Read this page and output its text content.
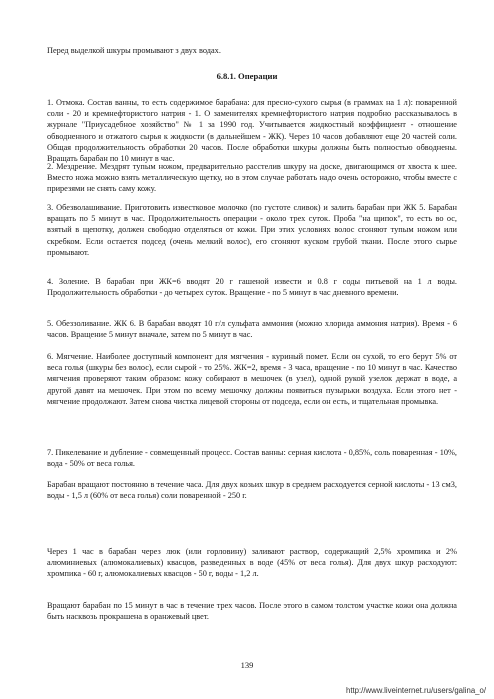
Перед выделкой шкуры промывают з двух водах.
6.8.1. Операции
1. Отмока. Состав ванны, то есть содержимое барабана: для пресно-сухого сырья (в граммах на 1 л): поваренной соли - 20 и кремнефтористого натрия - 1. О заменителях кремнефтористого натрия подробно рассказывалось в журнале "Приусадебное хозяйство" № 1 за 1990 год. Учитывается жидкостный коэффициент - отношение обводненного и отжатого сырья к жидкости (в дальнейшем - ЖК). Через 10 часов добавляют еще 20 частей соли. Общая продолжительность обработки 20 часов. После обработки шкуры должны быть полностью обводнены. Вращать барабан по 10 минут в час.
2. Мездрение. Мездрят тупым ножом, предварительно расстелив шкуру на доске, двигающимся от хвоста к шее. Вместо ножа можно взять металлическую щетку, но в этом случае работать надо очень осторожно, чтобы вместе с прирезями не снять саму кожу.
3. Обезволашивание. Приготовить известковое молочко (по густоте сливок) и залить барабан при ЖК 5. Барабан вращать по 5 минут в час. Продолжительность операции - около трех суток. Проба "на щипок", то есть во ос, взятый в щепотку, должен свободно отделяться от кожи. При этих условиях волос сгоняют тупым ножом или скребком. Если остается подсед (очень мелкий волос), его сгоняют куском грубой ткани. После этого сырье промывают.
4. Золение. В барабан при ЖК=6 вводят 20 г гашеной извести и 0.8 г соды питьевой на 1 л воды. Продолжительность обработки - до четырех суток. Вращение - по 5 минут в час дневного времени.
5. Обеззоливание. ЖК 6. В барабан вводят 10 г/л сульфата аммония (можно хлорида аммония натрия). Время - 6 часов. Вращение 5 минут вначале, затем по 5 минут в час.
6. Мягчение. Наиболее доступный компонент для мягчения - куриный помет. Если он сухой, то его берут 5% от веса голья (шкуры без волос), если сырой - то 25%. ЖК=2, время - 3 часа, вращение - по 10 минут в час. Качество мягчения проверяют таким образом: кожу собирают в мешочек (в узел), одной рукой узелок держат в воде, а другой давят на мешочек. При этом по всему мешочку должны появиться пузырьки воздуха. Если этого нет - мягчение продолжают. Затем снова чистка лицевой стороны от подседа, если он есть, и тщательная промывка.
7. Пикелевание и дубление - совмещенный процесс. Состав ванны: серная кислота - 0,85%, соль поваренная - 10%, вода - 50% от веса голья.
Барабан вращают постоянно в течение часа. Для двух козьих шкур в среднем расходуется серной кислоты - 13 см3, воды - 1,5 л (60% от веса голья) соли поваренной - 250 г.
Через 1 час в барабан через люк (или горловину) заливают раствор, содержащий 2,5% хромпика и 2% алюминиевых (алюмокалиевых) квасцов, разведенных в воде (45% от веса голья). Для двух шкур расходуют: хромпика - 60 г, алюмокалиевых квасцов - 50 г, воды - 1,2 л.
Вращают барабан по 15 минут в час в течение трех часов. После этого в самом толстом участке кожи она должна быть насквозь прокрашена в оранжевый цвет.
139
http://www.liveinternet.ru/users/galina_o/
